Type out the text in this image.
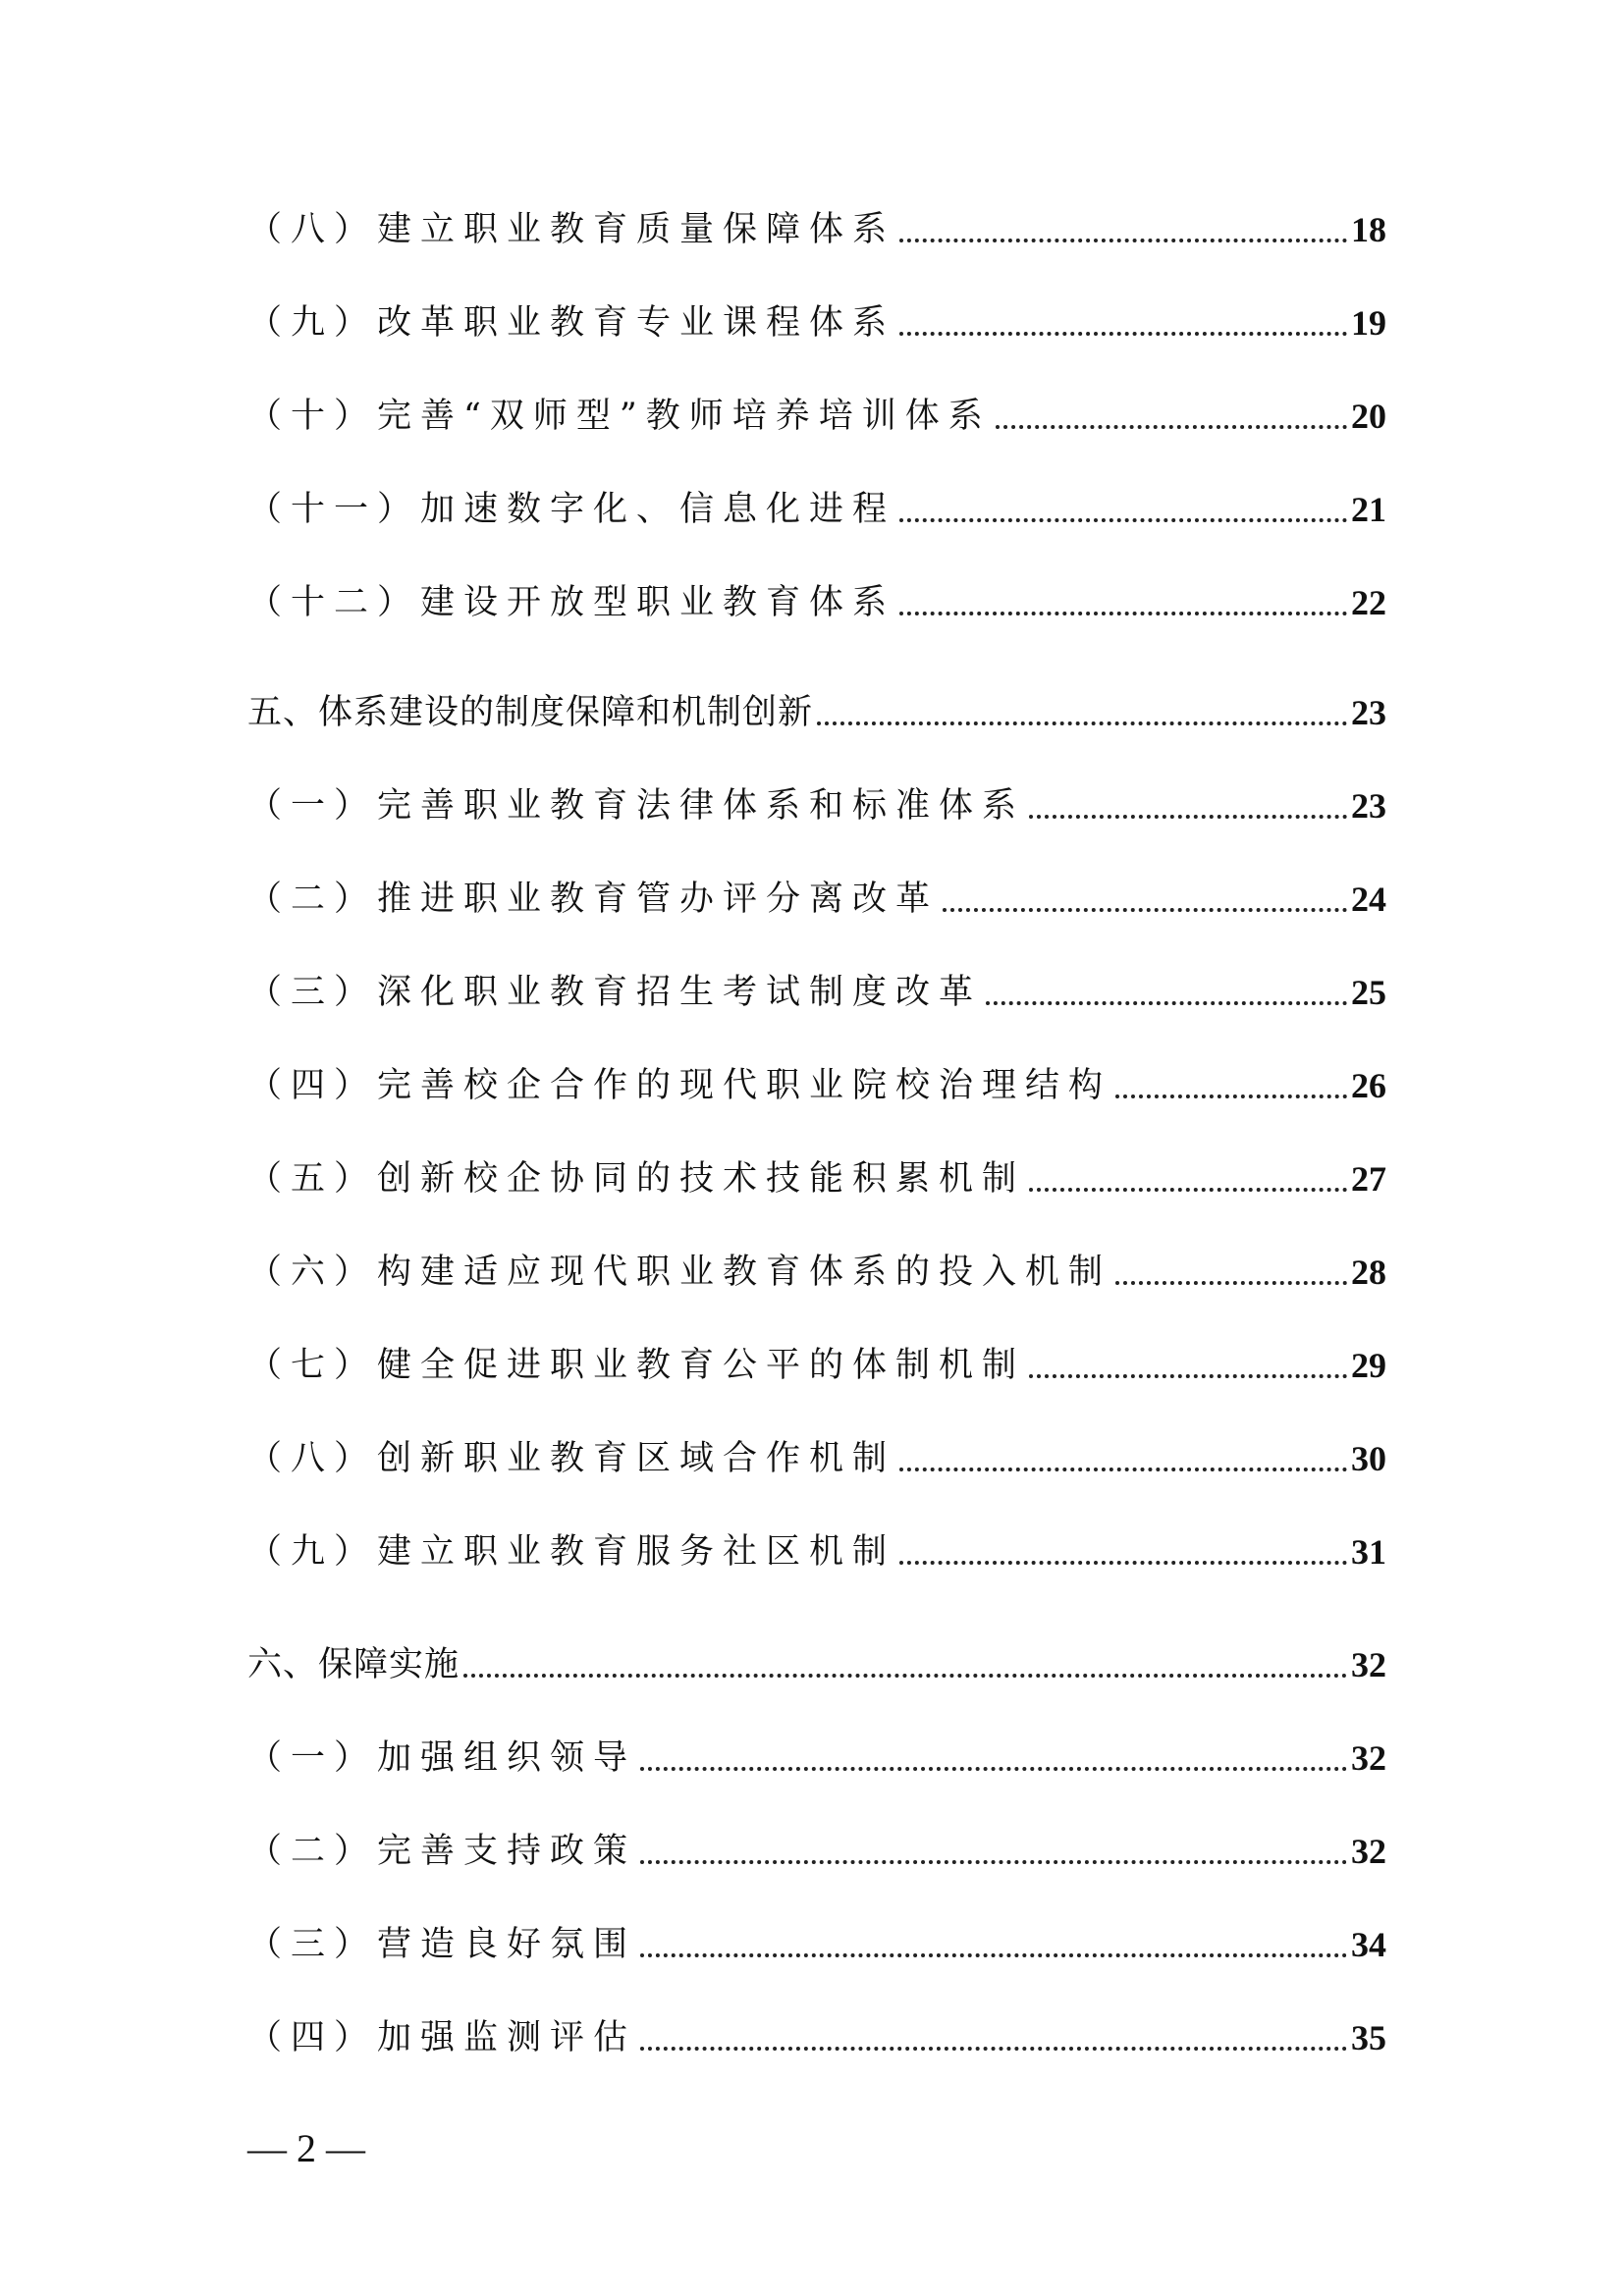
（八）建立职业教育质量保障体系	18
（九）改革职业教育专业课程体系	19
（十）完善“双师型”教师培养培训体系	20
（十一）加速数字化、信息化进程	21
（十二）建设开放型职业教育体系	22
五、体系建设的制度保障和机制创新	23
（一）完善职业教育法律体系和标准体系	23
（二）推进职业教育管办评分离改革	24
（三）深化职业教育招生考试制度改革	25
（四）完善校企合作的现代职业院校治理结构	26
（五）创新校企协同的技术技能积累机制	27
（六）构建适应现代职业教育体系的投入机制	28
（七）健全促进职业教育公平的体制机制	29
（八）创新职业教育区域合作机制	30
（九）建立职业教育服务社区机制	31
六、保障实施	32
（一）加强组织领导	32
（二）完善支持政策	32
（三）营造良好氛围	34
（四）加强监测评估	35
— 2 —
